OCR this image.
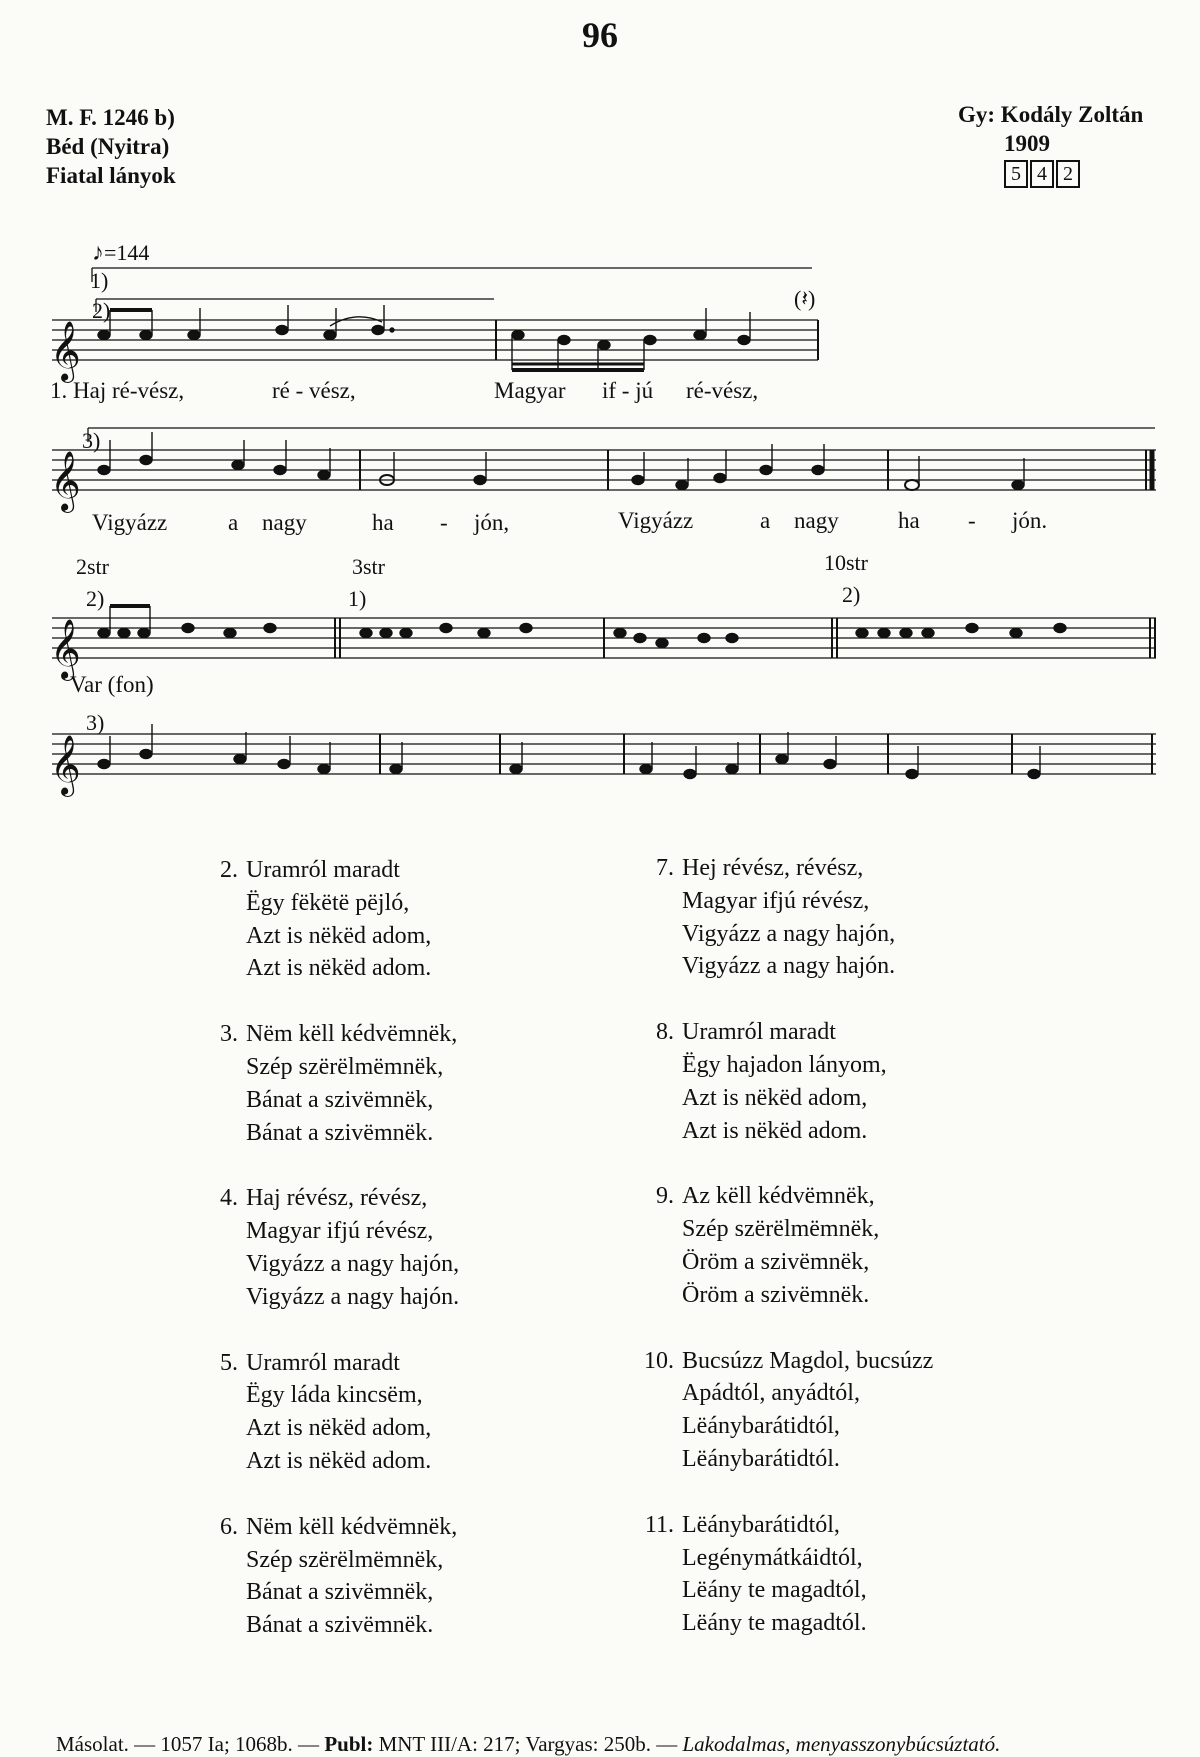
96
M. F. 1246 b)
Béd (Nyitra)
Fiatal lányok
Gy: Kodály Zoltán
1909
5 4 2
♪=144
𝄞
𝄞
𝄞
𝄞
1)
2)	(𝄽)
1. Haj ré-vész,	ré - vész,	Magyar if - jú ré-vész,
3)
Vigyázz	a nagy	ha - jón,	Vigyázz	a nagy	ha - jón.
2str	3str	10str
2)	1)	2)
Var (fon)
3)
2. Uramról maradt
Ëgy fëkëtë pëjló,
Azt is nëkëd adom,
Azt is nëkëd adom.
3. Nëm këll kédvëmnëk,
Szép szërëlmëmnëk,
Bánat a szivëmnëk,
Bánat a szivëmnëk.
4. Haj révész, révész,
Magyar ifjú révész,
Vigyázz a nagy hajón,
Vigyázz a nagy hajón.
5. Uramról maradt
Ëgy láda kincsëm,
Azt is nëkëd adom,
Azt is nëkëd adom.
6. Nëm këll kédvëmnëk,
Szép szërëlmëmnëk,
Bánat a szivëmnëk,
Bánat a szivëmnëk.
7. Hej révész, révész,
Magyar ifjú révész,
Vigyázz a nagy hajón,
Vigyázz a nagy hajón.
8. Uramról maradt
Ëgy hajadon lányom,
Azt is nëkëd adom,
Azt is nëkëd adom.
9. Az këll kédvëmnëk,
Szép szërëlmëmnëk,
Öröm a szivëmnëk,
Öröm a szivëmnëk.
10. Bucsúzz Magdol, bucsúzz
Apádtól, anyádtól,
Lëánybarátidtól,
Lëánybarátidtól.
11. Lëánybarátidtól,
Legénymátkáidtól,
Lëány te magadtól,
Lëány te magadtól.
Másolat. — 1057 Ia; 1068b. — Publ: MNT III/A: 217; Vargyas: 250b. — Lakodalmas, menyasszonybúcsúztató.
